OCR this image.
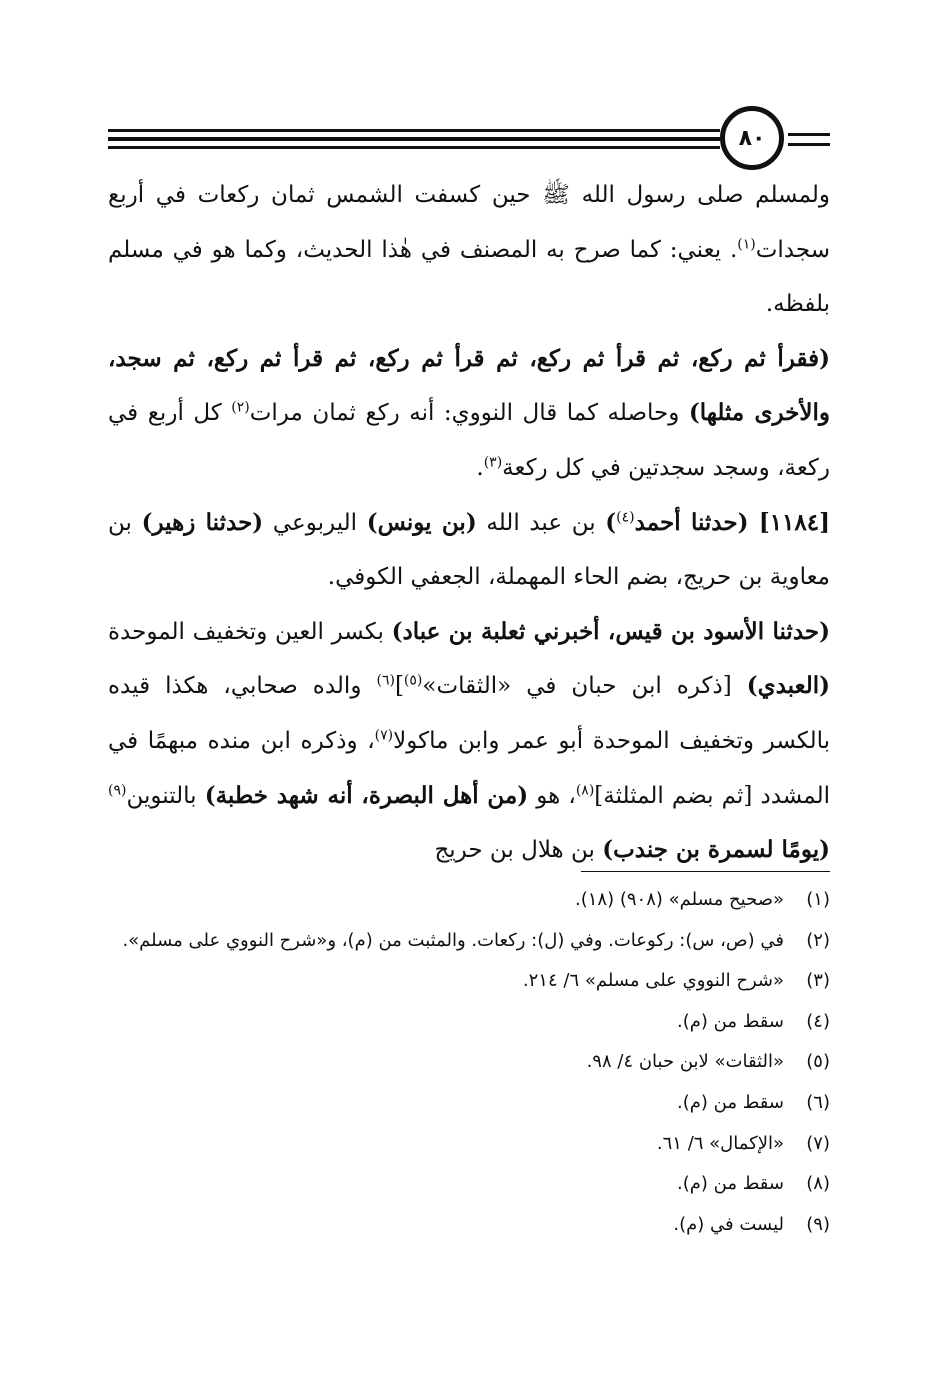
٨٠

ولمسلم صلى رسول الله ﷺ حين كسفت الشمس ثمان ركعات في أربع سجدات$^{(١)}$. يعني: كما صرح به المصنف في هٰذا الحديث، وكما هو في مسلم بلفظه.

(فقرأ ثم ركع، ثم قرأ ثم ركع، ثم قرأ ثم ركع، ثم قرأ ثم ركع، ثم سجد، والأخرى مثلها) وحاصله كما قال النووي: أنه ركع ثمان مرات$^{(٢)}$ كل أربع في ركعة، وسجد سجدتين في كل ركعة$^{(٣)}$.

[١١٨٤] (حدثنا أحمد$^{(٤)}$) بن عبد الله (بن يونس) اليربوعي (حدثنا زهير) بن معاوية بن حريج، بضم الحاء المهملة، الجعفي الكوفي.

(حدثنا الأسود بن قيس، أخبرني ثعلبة بن عباد) بكسر العين وتخفيف الموحدة (العبدي) [ذكره ابن حبان في «الثقات»$^{(٥)}$]$^{(٦)}$ والده صحابي، هكذا قيده بالكسر وتخفيف الموحدة أبو عمر وابن ماكولا$^{(٧)}$، وذكره ابن منده مبهمًا في المشدد [ثم بضم المثلثة]$^{(٨)}$، هو (من أهل البصرة، أنه شهد خطبة) بالتنوين$^{(٩)}$ (يومًا لسمرة بن جندب) بن هلال بن حريج

(١)
«صحيح مسلم» (٩٠٨) (١٨).
(٢)
في (ص، س): ركوعات. وفي (ل): ركعات. والمثبت من (م)، و«شرح النووي على مسلم».
(٣)
«شرح النووي على مسلم» ٦/ ٢١٤.
(٤)
سقط من (م).
(٥)
«الثقات» لابن حبان ٤/ ٩٨.
(٦)
سقط من (م).
(٧)
«الإكمال» ٦/ ٦١.
(٨)
سقط من (م).
(٩)
ليست في (م).
